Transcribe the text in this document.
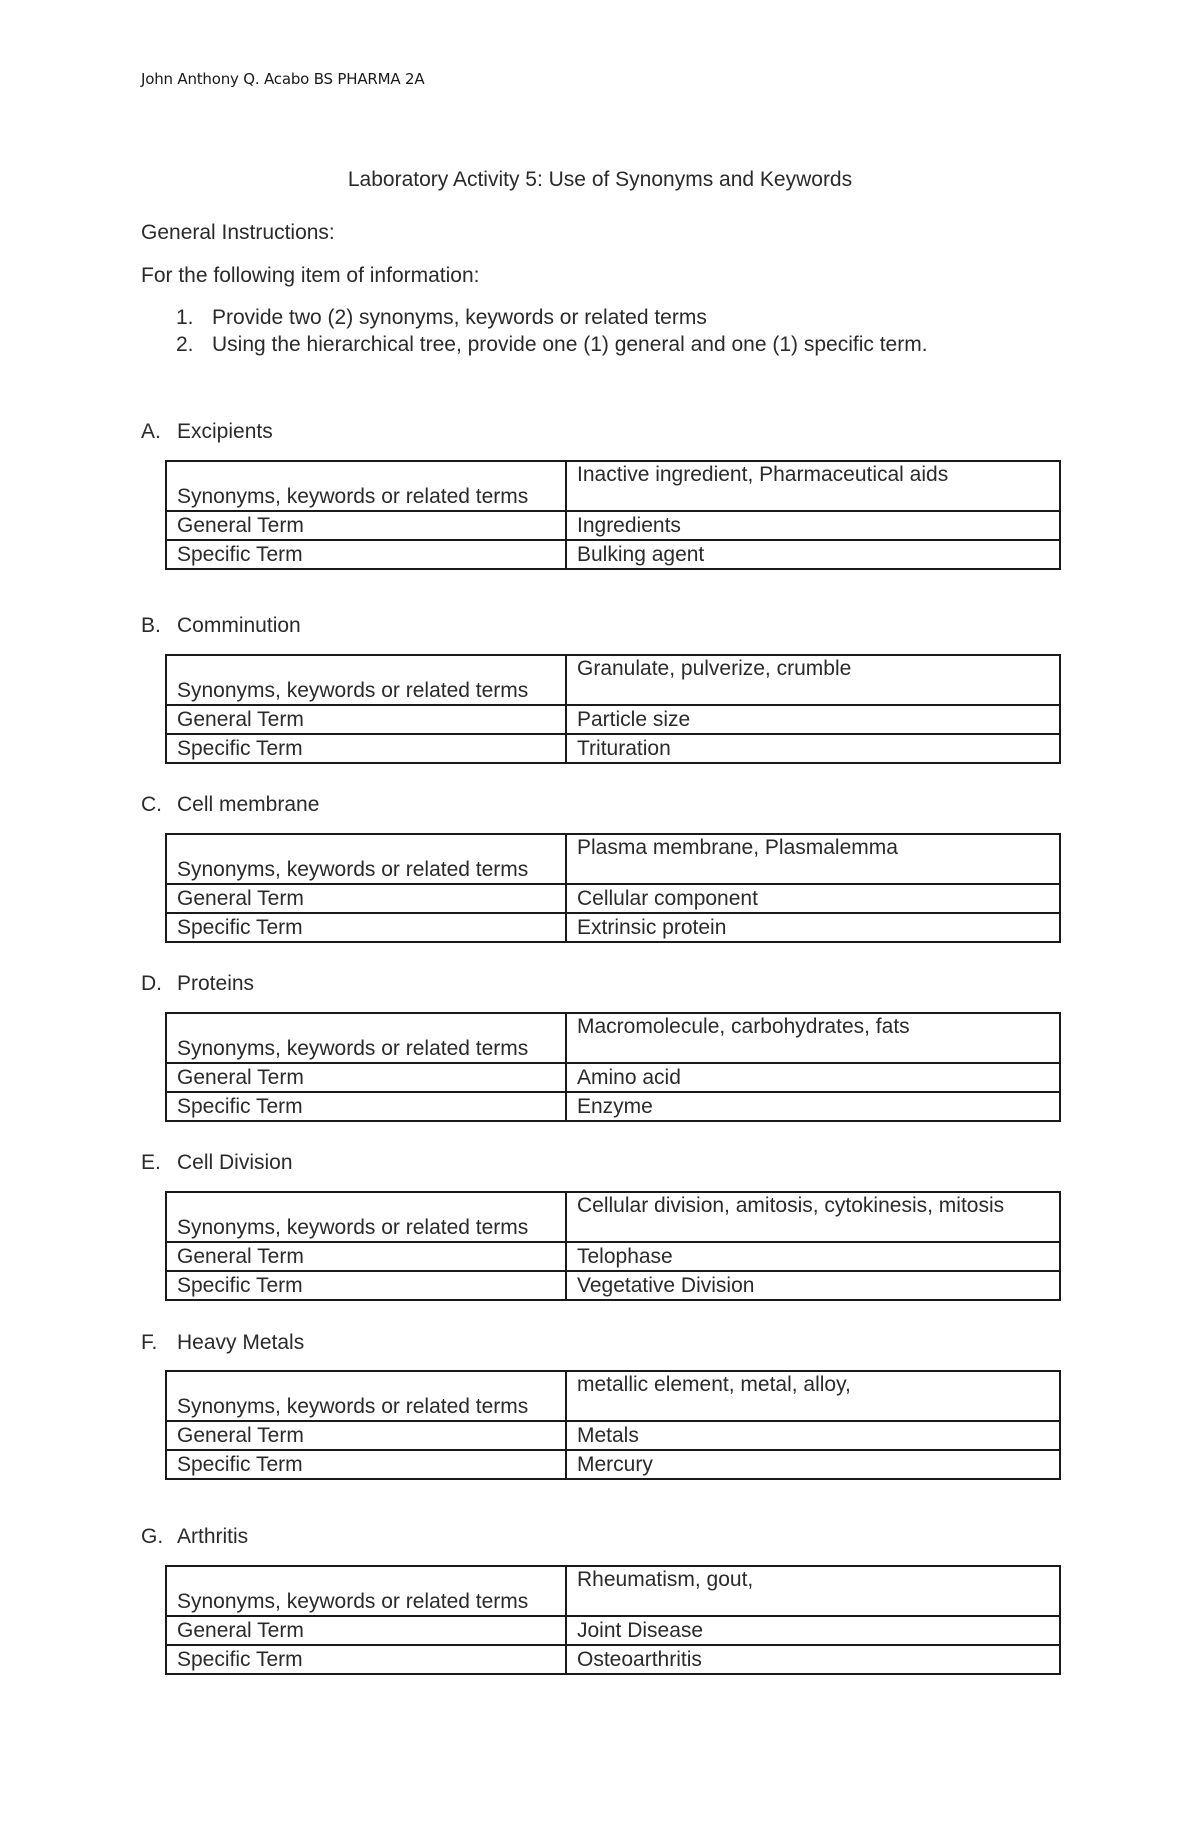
John Anthony Q. Acabo BS PHARMA 2A
Laboratory Activity 5: Use of Synonyms and Keywords
General Instructions:
For the following item of information:
1. Provide two (2) synonyms, keywords or related terms
2. Using the hierarchical tree, provide one (1) general and one (1) specific term.
A. Excipients
Synonyms, keywords or related terms	Inactive ingredient, Pharmaceutical aids
General Term	Ingredients
Specific Term	Bulking agent
B. Comminution
Synonyms, keywords or related terms	Granulate, pulverize, crumble
General Term	Particle size
Specific Term	Trituration
C. Cell membrane
Synonyms, keywords or related terms	Plasma membrane, Plasmalemma
General Term	Cellular component
Specific Term	Extrinsic protein
D. Proteins
Synonyms, keywords or related terms	Macromolecule, carbohydrates, fats
General Term	Amino acid
Specific Term	Enzyme
E. Cell Division
Synonyms, keywords or related terms	Cellular division, amitosis, cytokinesis, mitosis
General Term	Telophase
Specific Term	Vegetative Division
F. Heavy Metals
Synonyms, keywords or related terms	metallic element, metal, alloy,
General Term	Metals
Specific Term	Mercury
G. Arthritis
Synonyms, keywords or related terms	Rheumatism, gout,
General Term	Joint Disease
Specific Term	Osteoarthritis
